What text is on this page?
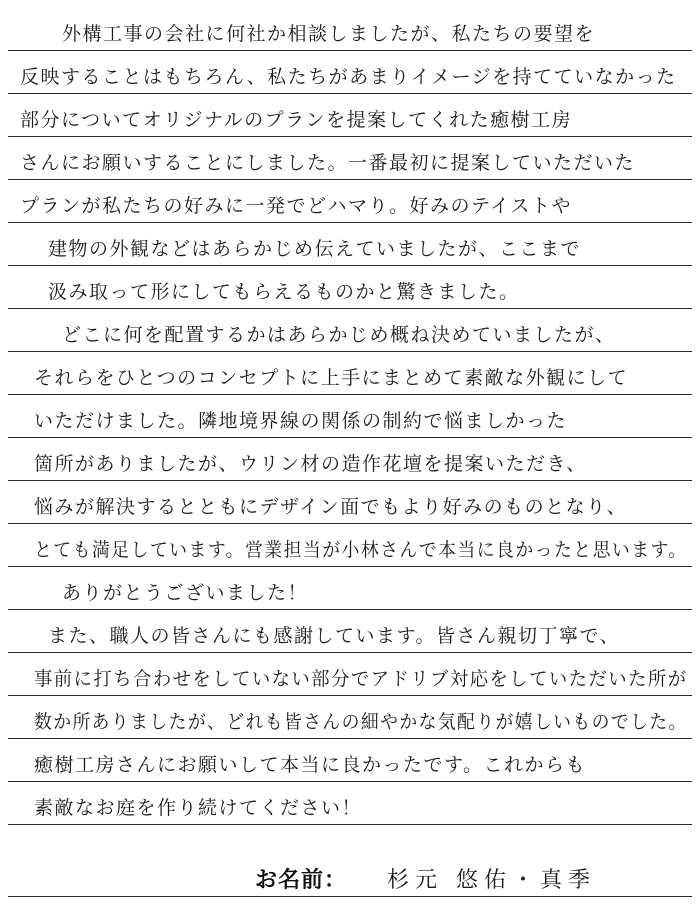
外構工事の会社に何社か相談しましたが、私たちの要望を
反映することはもちろん、私たちがあまりイメージを持てていなかった
部分についてオリジナルのプランを提案してくれた癒樹工房
さんにお願いすることにしました。一番最初に提案していただいた
プランが私たちの好みに一発でどハマり。好みのテイストや
建物の外観などはあらかじめ伝えていましたが、ここまで
汲み取って形にしてもらえるものかと驚きました。
どこに何を配置するかはあらかじめ概ね決めていましたが、
それらをひとつのコンセプトに上手にまとめて素敵な外観にして
いただけました。隣地境界線の関係の制約で悩ましかった
箇所がありましたが、ウリン材の造作花壇を提案いただき、
悩みが解決するとともにデザイン面でもより好みのものとなり、
とても満足しています。営業担当が小林さんで本当に良かったと思います。
ありがとうございました！
また、職人の皆さんにも感謝しています。皆さん親切丁寧で、
事前に打ち合わせをしていない部分でアドリブ対応をしていただいた所が
数か所ありましたが、どれも皆さんの細やかな気配りが嬉しいものでした。
癒樹工房さんにお願いして本当に良かったです。これからも
素敵なお庭を作り続けてください！
お名前： 杉元 悠佑・真季
